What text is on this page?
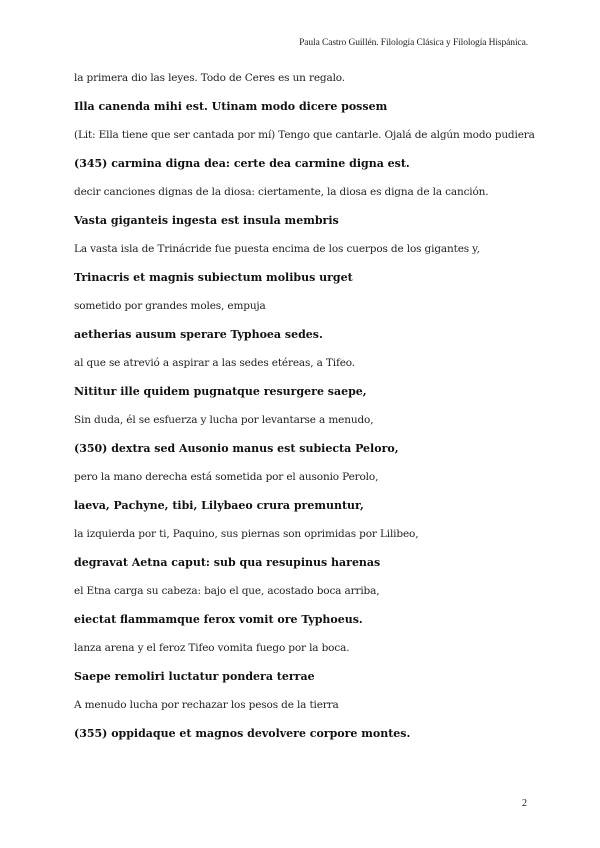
Paula Castro Guillén. Filología Clásica y Filología Hispánica.
la primera dio las leyes. Todo de Ceres es un regalo.
Illa canenda mihi est. Utinam modo dicere possem
(Lit: Ella tiene que ser cantada por mí) Tengo que cantarle. Ojalá de algún modo pudiera
(345) carmina digna dea: certe dea carmine digna est.
decir canciones dignas de la diosa: ciertamente, la diosa es digna de la canción.
Vasta giganteis ingesta est insula membris
La vasta isla de Trinácride fue puesta encima de los cuerpos de los gigantes y,
Trinacris et magnis subiectum molibus urget
sometido por grandes moles, empuja
aetherias ausum sperare Typhoea sedes.
al que se atrevió a aspirar a las sedes etéreas, a Tifeo.
Nititur ille quidem pugnatque resurgere saepe,
Sin duda, él se esfuerza y lucha por levantarse a menudo,
(350) dextra sed Ausonio manus est subiecta Peloro,
pero la mano derecha está sometida por el ausonio Perolo,
laeva, Pachyne, tibi, Lilybaeo crura premuntur,
la izquierda por ti, Paquino, sus piernas son oprimidas por Lilibeo,
degravat Aetna caput: sub qua resupinus harenas
el Etna carga su cabeza: bajo el que, acostado boca arriba,
eiectat flammamque ferox vomit ore Typhoeus.
lanza arena y el feroz Tifeo vomita fuego por la boca.
Saepe remoliri luctatur pondera terrae
A menudo lucha por rechazar los pesos de la tierra
(355) oppidaque et magnos devolvere corpore montes.
2
